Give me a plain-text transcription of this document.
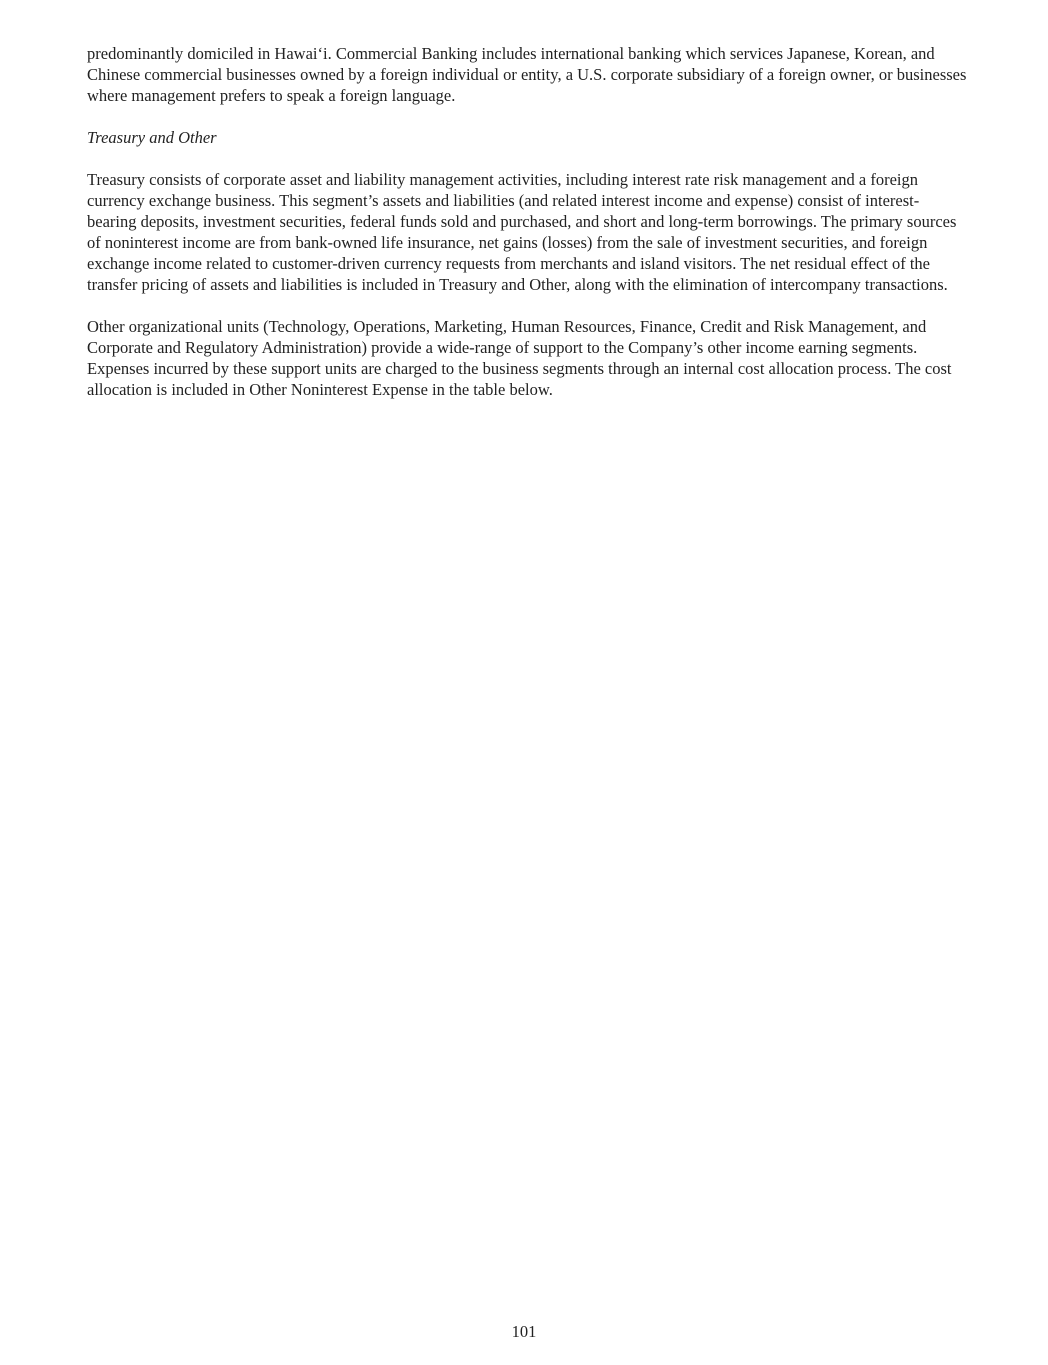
predominantly domiciled in Hawai‘i. Commercial Banking includes international banking which services Japanese, Korean, and Chinese commercial businesses owned by a foreign individual or entity, a U.S. corporate subsidiary of a foreign owner, or businesses where management prefers to speak a foreign language.

Treasury and Other

Treasury consists of corporate asset and liability management activities, including interest rate risk management and a foreign currency exchange business. This segment’s assets and liabilities (and related interest income and expense) consist of interest-bearing deposits, investment securities, federal funds sold and purchased, and short and long-term borrowings. The primary sources of noninterest income are from bank-owned life insurance, net gains (losses) from the sale of investment securities, and foreign exchange income related to customer-driven currency requests from merchants and island visitors. The net residual effect of the transfer pricing of assets and liabilities is included in Treasury and Other, along with the elimination of intercompany transactions.

Other organizational units (Technology, Operations, Marketing, Human Resources, Finance, Credit and Risk Management, and Corporate and Regulatory Administration) provide a wide-range of support to the Company’s other income earning segments. Expenses incurred by these support units are charged to the business segments through an internal cost allocation process. The cost allocation is included in Other Noninterest Expense in the table below.

101
